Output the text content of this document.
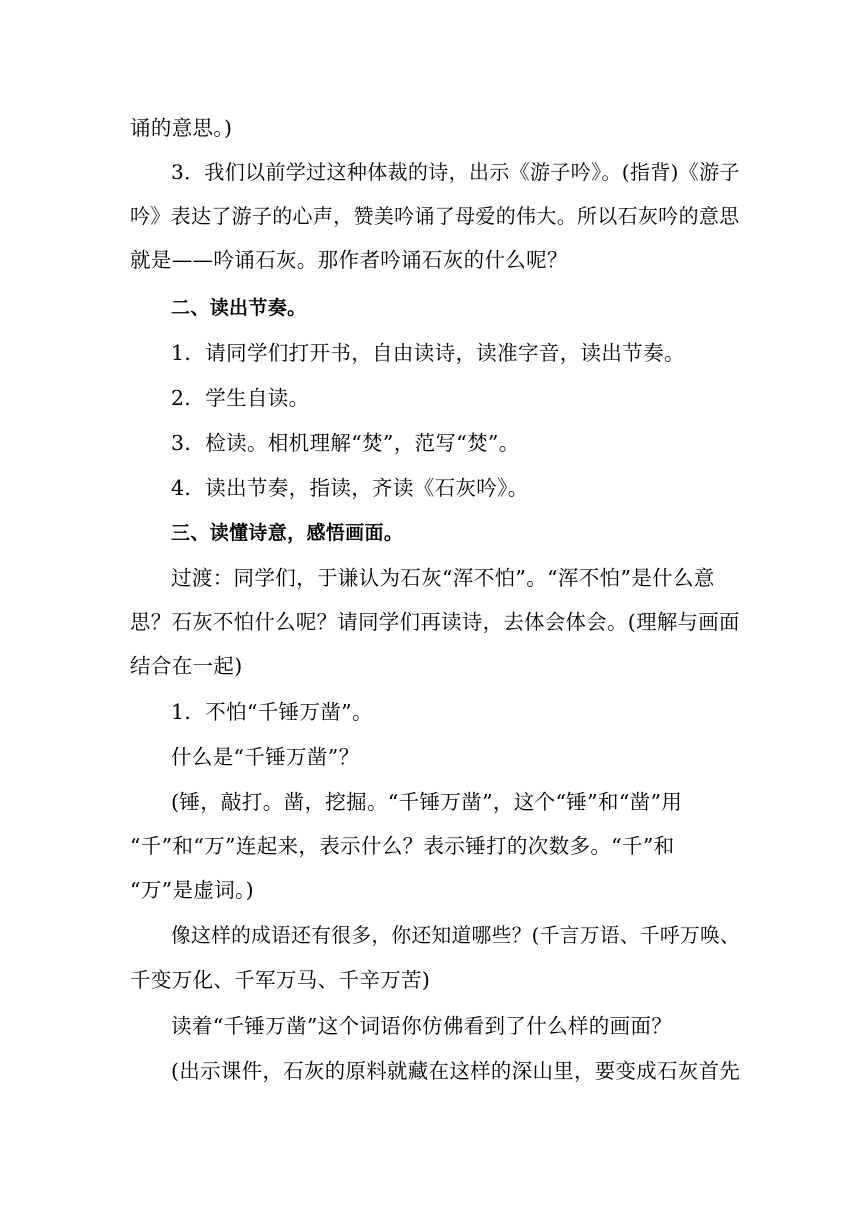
诵的意思。)
3．我们以前学过这种体裁的诗，出示《游子吟》。(指背)《游子
吟》表达了游子的心声，赞美吟诵了母爱的伟大。所以石灰吟的意思
就是——吟诵石灰。那作者吟诵石灰的什么呢？
二、读出节奏。
1．请同学们打开书，自由读诗，读准字音，读出节奏。
2．学生自读。
3．检读。相机理解“焚”，范写“焚”。
4．读出节奏，指读，齐读《石灰吟》。
三、读懂诗意，感悟画面。
过渡：同学们，于谦认为石灰“浑不怕”。“浑不怕”是什么意
思？石灰不怕什么呢？请同学们再读诗，去体会体会。(理解与画面
结合在一起)
1．不怕“千锤万凿”。
什么是“千锤万凿”？
(锤，敲打。凿，挖掘。“千锤万凿”，这个“锤”和“凿”用
“千”和“万”连起来，表示什么？表示锤打的次数多。“千”和
“万”是虚词。)
像这样的成语还有很多，你还知道哪些？(千言万语、千呼万唤、
千变万化、千军万马、千辛万苦)
读着“千锤万凿”这个词语你仿佛看到了什么样的画面？
(出示课件，石灰的原料就藏在这样的深山里，要变成石灰首先
